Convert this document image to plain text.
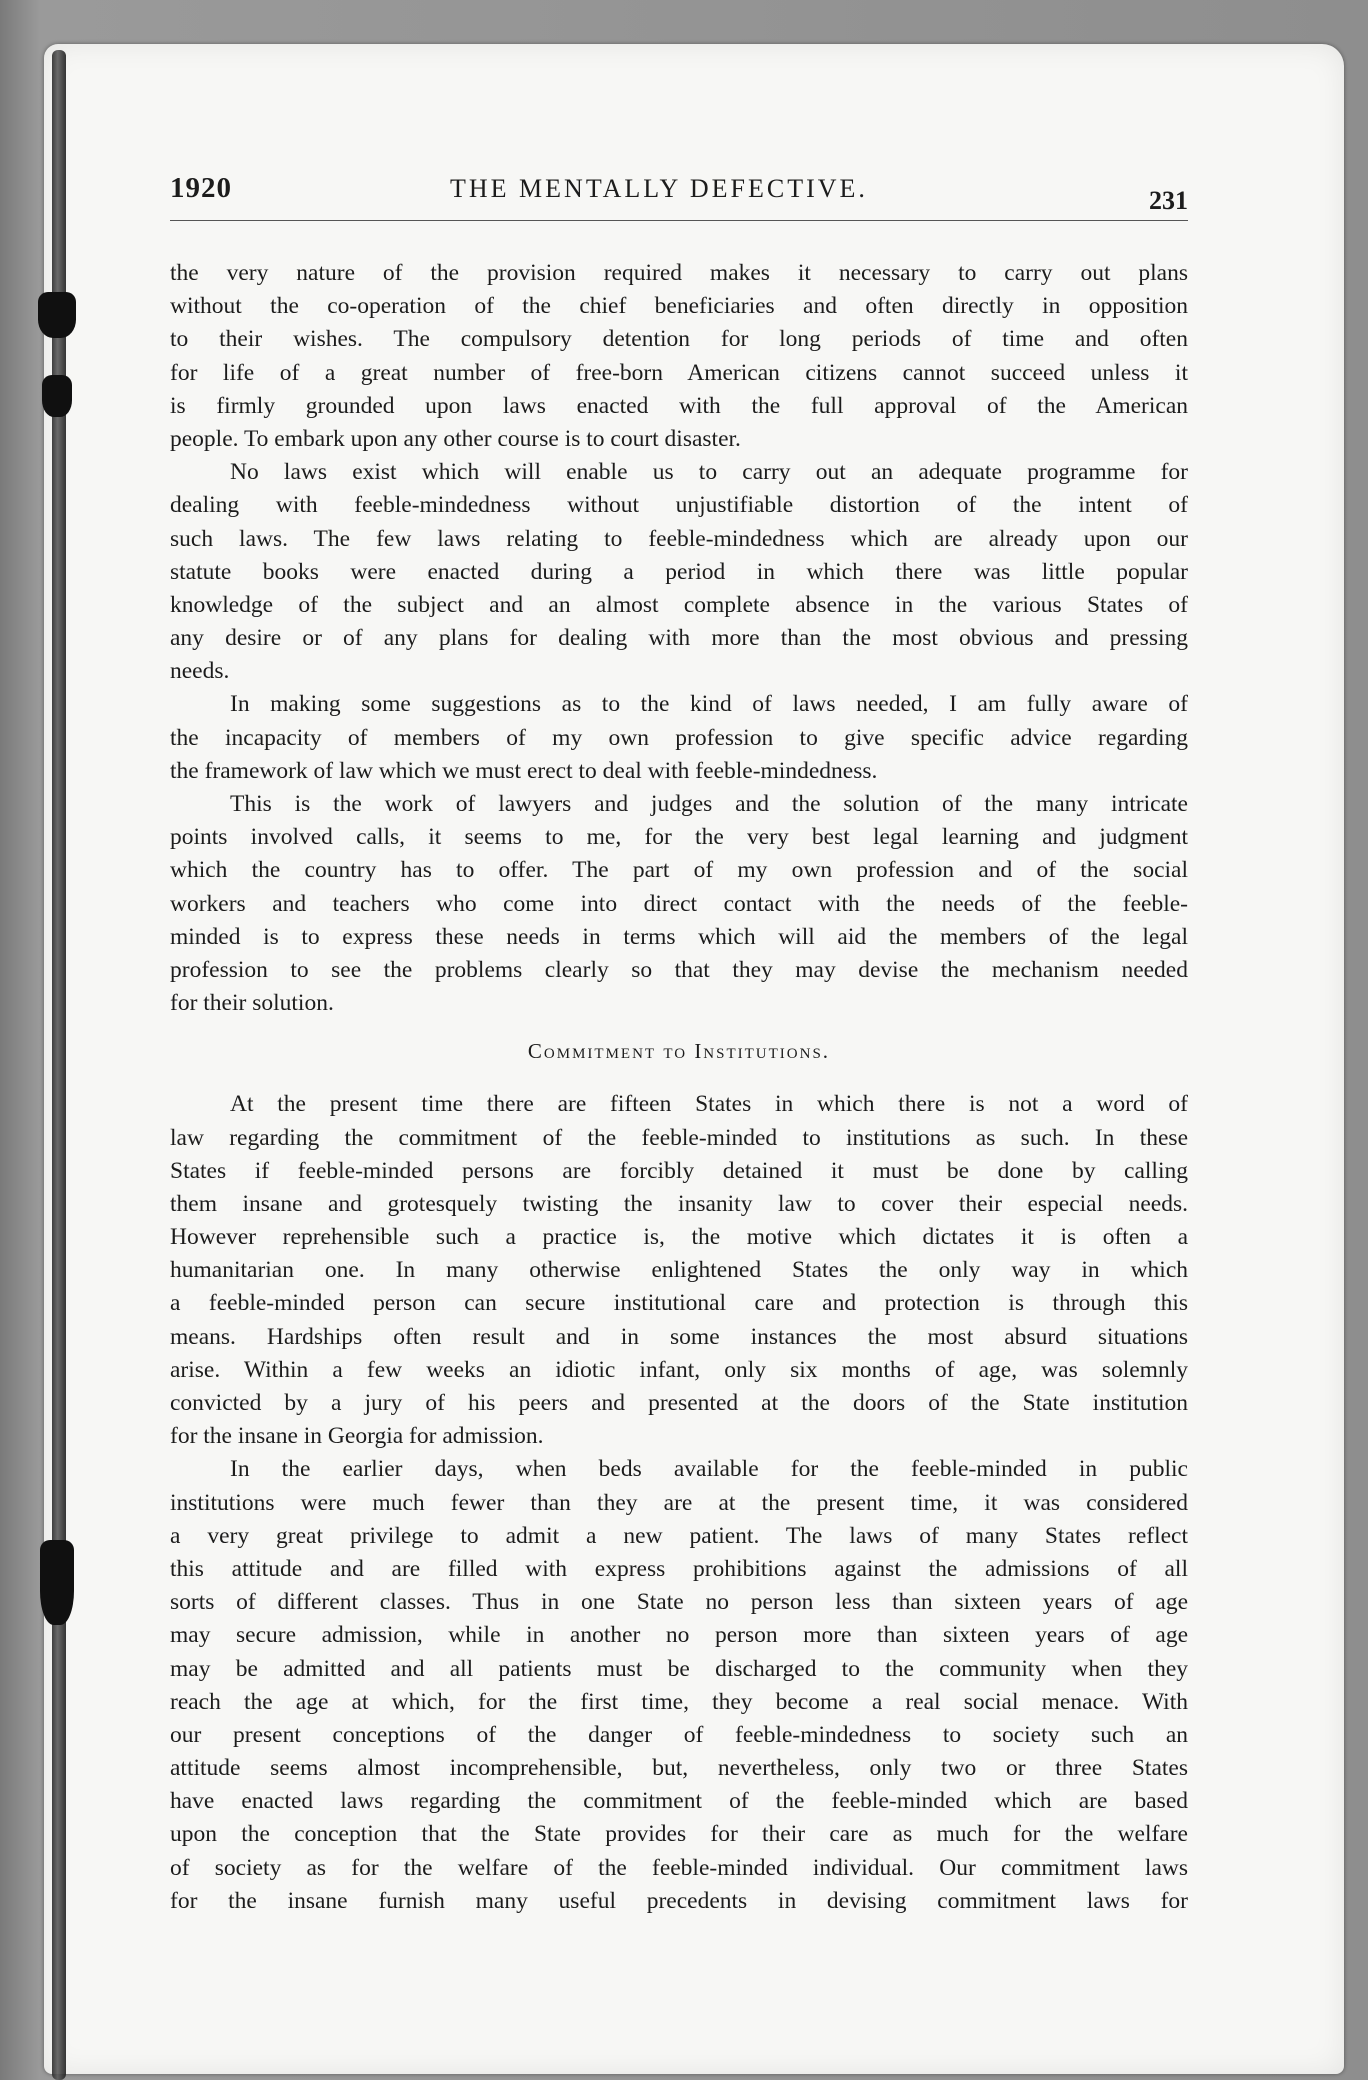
1920	THE MENTALLY DEFECTIVE.	231
the very nature of the provision required makes it necessary to carry out plans
without the co-operation of the chief beneficiaries and often directly in opposition
to their wishes. The compulsory detention for long periods of time and often
for life of a great number of free-born American citizens cannot succeed unless it
is firmly grounded upon laws enacted with the full approval of the American
people. To embark upon any other course is to court disaster.
No laws exist which will enable us to carry out an adequate programme for
dealing with feeble-mindedness without unjustifiable distortion of the intent of
such laws. The few laws relating to feeble-mindedness which are already upon our
statute books were enacted during a period in which there was little popular
knowledge of the subject and an almost complete absence in the various States of
any desire or of any plans for dealing with more than the most obvious and pressing
needs.
In making some suggestions as to the kind of laws needed, I am fully aware of
the incapacity of members of my own profession to give specific advice regarding
the framework of law which we must erect to deal with feeble-mindedness.
This is the work of lawyers and judges and the solution of the many intricate
points involved calls, it seems to me, for the very best legal learning and judgment
which the country has to offer. The part of my own profession and of the social
workers and teachers who come into direct contact with the needs of the feeble-
minded is to express these needs in terms which will aid the members of the legal
profession to see the problems clearly so that they may devise the mechanism needed
for their solution.
Commitment to Institutions.
At the present time there are fifteen States in which there is not a word of
law regarding the commitment of the feeble-minded to institutions as such. In these
States if feeble-minded persons are forcibly detained it must be done by calling
them insane and grotesquely twisting the insanity law to cover their especial needs.
However reprehensible such a practice is, the motive which dictates it is often a
humanitarian one. In many otherwise enlightened States the only way in which
a feeble-minded person can secure institutional care and protection is through this
means. Hardships often result and in some instances the most absurd situations
arise. Within a few weeks an idiotic infant, only six months of age, was solemnly
convicted by a jury of his peers and presented at the doors of the State institution
for the insane in Georgia for admission.
In the earlier days, when beds available for the feeble-minded in public
institutions were much fewer than they are at the present time, it was considered
a very great privilege to admit a new patient. The laws of many States reflect
this attitude and are filled with express prohibitions against the admissions of all
sorts of different classes. Thus in one State no person less than sixteen years of age
may secure admission, while in another no person more than sixteen years of age
may be admitted and all patients must be discharged to the community when they
reach the age at which, for the first time, they become a real social menace. With
our present conceptions of the danger of feeble-mindedness to society such an
attitude seems almost incomprehensible, but, nevertheless, only two or three States
have enacted laws regarding the commitment of the feeble-minded which are based
upon the conception that the State provides for their care as much for the welfare
of society as for the welfare of the feeble-minded individual. Our commitment laws
for the insane furnish many useful precedents in devising commitment laws for
